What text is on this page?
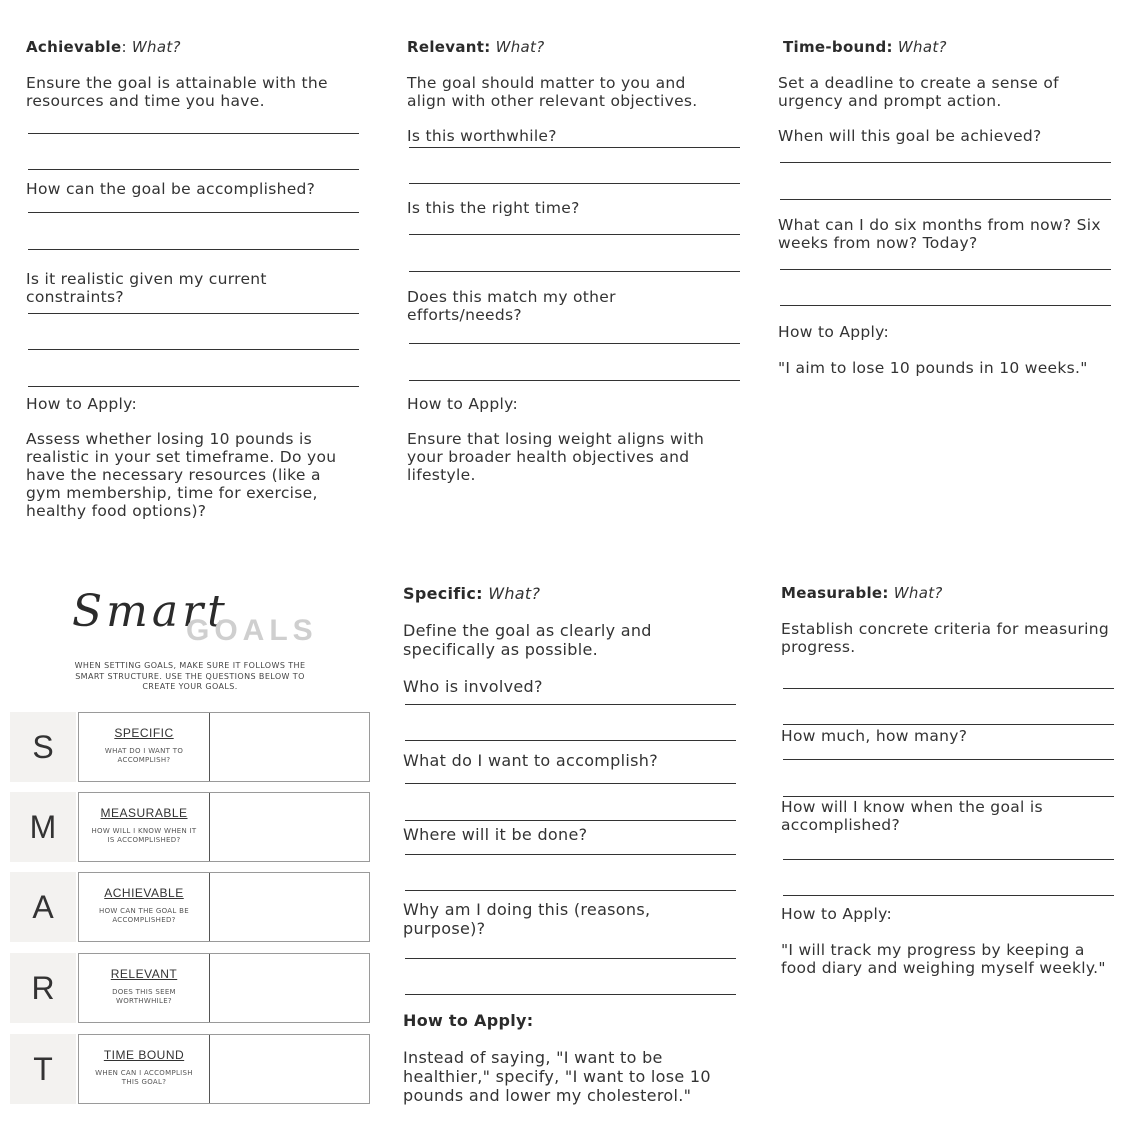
Achievable: What?

Ensure the goal is attainable with the resources and time you have.

How can the goal be accomplished?

Is it realistic given my current constraints?

How to Apply:

Assess whether losing 10 pounds is realistic in your set timeframe. Do you have the necessary resources (like a gym membership, time for exercise, healthy food options)?

Relevant: What?

The goal should matter to you and align with other relevant objectives.

Is this worthwhile?

Is this the right time?

Does this match my other efforts/needs?

How to Apply:

Ensure that losing weight aligns with your broader health objectives and lifestyle.

Time-bound: What?

Set a deadline to create a sense of urgency and prompt action.

When will this goal be achieved?

What can I do six months from now? Six weeks from now? Today?

How to Apply:

"I aim to lose 10 pounds in 10 weeks."

Smart
GOALS
WHEN SETTING GOALS, MAKE SURE IT FOLLOWS THE SMART STRUCTURE. USE THE QUESTIONS BELOW TO CREATE YOUR GOALS.
S	SPECIFIC
WHAT DO I WANT TO ACCOMPLISH?
M	MEASURABLE
HOW WILL I KNOW WHEN IT IS ACCOMPLISHED?
A	ACHIEVABLE
HOW CAN THE GOAL BE ACCOMPLISHED?
R	RELEVANT
DOES THIS SEEM WORTHWHILE?
T	TIME BOUND
WHEN CAN I ACCOMPLISH THIS GOAL?

Specific: What?

Define the goal as clearly and specifically as possible.

Who is involved?

What do I want to accomplish?

Where will it be done?

Why am I doing this (reasons, purpose)?

How to Apply:

Instead of saying, "I want to be healthier," specify, "I want to lose 10 pounds and lower my cholesterol."

Measurable: What?

Establish concrete criteria for measuring progress.

How much, how many?

How will I know when the goal is accomplished?

How to Apply:

"I will track my progress by keeping a food diary and weighing myself weekly."
